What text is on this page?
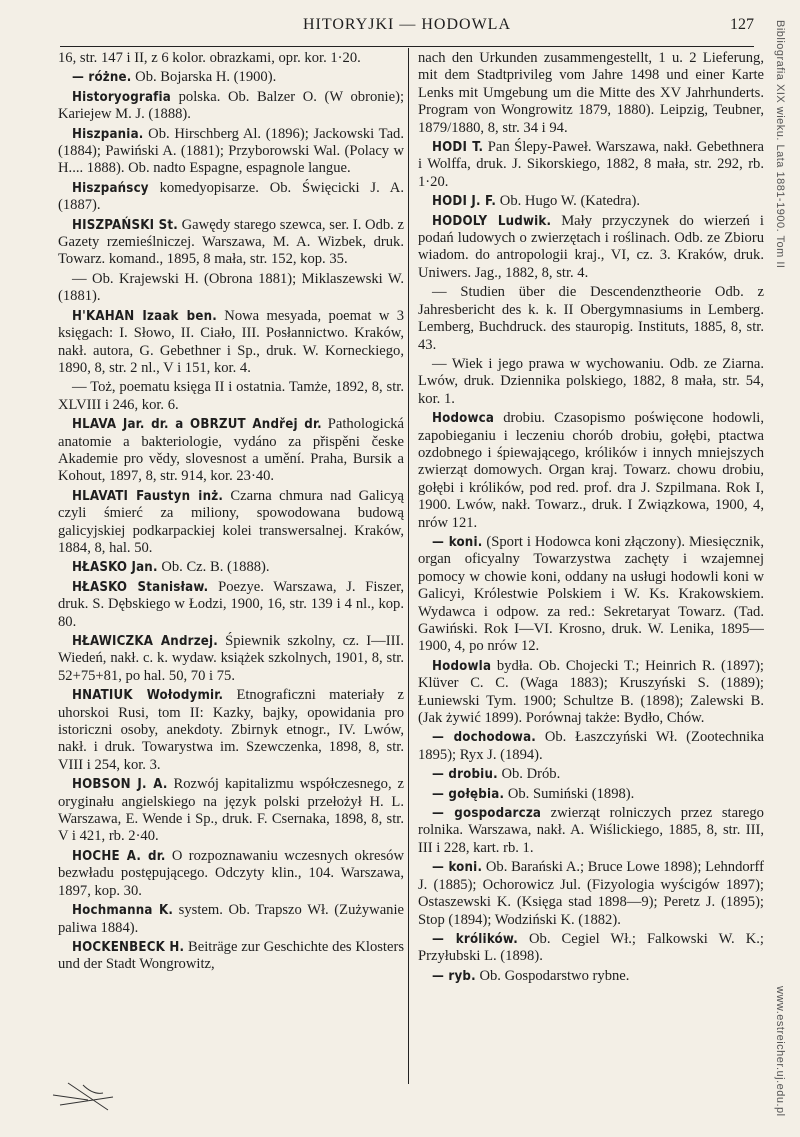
HITORYJKI — HODOWLA	127

16, str. 147 i II, z 6 kolor. obrazkami, opr. kor. 1·20.

— różne. Ob. Bojarska H. (1900).

Historyografia polska. Ob. Balzer O. (W obronie); Kariejew M. J. (1888).

Hiszpania. Ob. Hirschberg Al. (1896); Jackowski Tad. (1884); Pawiński A. (1881); Przyborowski Wal. (Polacy w H.... 1888). Ob. nadto Espagne, espagnole langue.

Hiszpańscy komedyopisarze. Ob. Święcicki J. A. (1887).

HISZPAŃSKI St. Gawędy starego szewca, ser. I. Odb. z Gazety rzemieślniczej. Warszawa, M. A. Wizbek, druk. Towarz. komand., 1895, 8 mała, str. 152, kop. 35.

— Ob. Krajewski H. (Obrona 1881); Miklaszewski W. (1881).

H'KAHAN Izaak ben. Nowa mesyada, poemat w 3 księgach: I. Słowo, II. Ciało, III. Posłannictwo. Kraków, nakł. autora, G. Gebethner i Sp., druk. W. Korneckiego, 1890, 8, str. 2 nl., V i 151, kor. 4.

— Toż, poematu księga II i ostatnia. Tamże, 1892, 8, str. XLVIII i 246, kor. 6.

HLAVA Jar. dr. a OBRZUT Andřej dr. Pathologická anatomie a bakteriologie, vydáno za přispěni česke Akademie pro vědy, slovesnost a umění. Praha, Bursik a Kohout, 1897, 8, str. 914, kor. 23·40.

HLAVATI Faustyn inż. Czarna chmura nad Galicyą czyli śmierć za miliony, spowodowana budową galicyjskiej podkarpackiej kolei transwersalnej. Kraków, 1884, 8, hal. 50.

HŁASKO Jan. Ob. Cz. B. (1888).

HŁASKO Stanisław. Poezye. Warszawa, J. Fiszer, druk. S. Dębskiego w Łodzi, 1900, 16, str. 139 i 4 nl., kop. 80.

HŁAWICZKA Andrzej. Śpiewnik szkolny, cz. I—III. Wiedeń, nakł. c. k. wydaw. książek szkolnych, 1901, 8, str. 52+75+81, po hal. 50, 70 i 75.

HNATIUK Wołodymir. Etnograficzni materiały z uhorskoi Rusi, tom II: Kazky, bajky, opowidania pro istoriczni osoby, anekdoty. Zbirnyk etnogr., IV. Lwów, nakł. i druk. Towarystwa im. Szewczenka, 1898, 8, str. VIII i 254, kor. 3.

HOBSON J. A. Rozwój kapitalizmu współczesnego, z oryginału angielskiego na język polski przełożył H. L. Warszawa, E. Wende i Sp., druk. F. Csernaka, 1898, 8, str. V i 421, rb. 2·40.

HOCHE A. dr. O rozpoznawaniu wczesnych okresów bezwładu postępującego. Odczyty klin., 104. Warszawa, 1897, kop. 30.

Hochmanna K. system. Ob. Trapszo Wł. (Zużywanie paliwa 1884).

HOCKENBECK H. Beiträge zur Geschichte des Klosters und der Stadt Wongrowitz,

nach den Urkunden zusammengestellt, 1 u. 2 Lieferung, mit dem Stadtprivileg vom Jahre 1498 und einer Karte Lenks mit Umgebung um die Mitte des XV Jahrhunderts. Program von Wongrowitz 1879, 1880). Leipzig, Teubner, 1879/1880, 8, str. 34 i 94.

HODI T. Pan Ślepy-Paweł. Warszawa, nakł. Gebethnera i Wolffa, druk. J. Sikorskiego, 1882, 8 mała, str. 292, rb. 1·20.

HODI J. F. Ob. Hugo W. (Katedra).

HODOLY Ludwik. Mały przyczynek do wierzeń i podań ludowych o zwierzętach i roślinach. Odb. ze Zbioru wiadom. do antropologii kraj., VI, cz. 3. Kraków, druk. Uniwers. Jag., 1882, 8, str. 4.

— Studien über die Descendenztheorie Odb. z Jahresbericht des k. k. II Obergymnasiums in Lemberg. Lemberg, Buchdruck. des stauropig. Instituts, 1885, 8, str. 43.

— Wiek i jego prawa w wychowaniu. Odb. ze Ziarna. Lwów, druk. Dziennika polskiego, 1882, 8 mała, str. 54, kor. 1.

Hodowca drobiu. Czasopismo poświęcone hodowli, zapobieganiu i leczeniu chorób drobiu, gołębi, ptactwa ozdobnego i śpiewającego, królików i innych mniejszych zwierząt domowych. Organ kraj. Towarz. chowu drobiu, gołębi i królików, pod red. prof. dra J. Szpilmana. Rok I, 1900. Lwów, nakł. Towarz., druk. I Związkowa, 1900, 4, nrów 121.

— koni. (Sport i Hodowca koni złączony). Miesięcznik, organ oficyalny Towarzystwa zachęty i wzajemnej pomocy w chowie koni, oddany na usługi hodowli koni w Galicyi, Królestwie Polskiem i W. Ks. Krakowskiem. Wydawca i odpow. za red.: Sekretaryat Towarz. (Tad. Gawiński. Rok I—VI. Krosno, druk. W. Lenika, 1895—1900, 4, po nrów 12.

Hodowla bydła. Ob. Chojecki T.; Heinrich R. (1897); Klüver C. C. (Waga 1883); Kruszyński S. (1889); Łuniewski Tym. 1900; Schultze B. (1898); Zalewski B. (Jak żywić 1899). Porównaj także: Bydło, Chów.

— dochodowa. Ob. Łaszczyński Wł. (Zootechnika 1895); Ryx J. (1894).

— drobiu. Ob. Drób.

— gołębia. Ob. Sumiński (1898).

— gospodarcza zwierząt rolniczych przez starego rolnika. Warszawa, nakł. A. Wiślickiego, 1885, 8, str. III, III i 228, kart. rb. 1.

— koni. Ob. Barański A.; Bruce Lowe 1898); Lehndorff J. (1885); Ochorowicz Jul. (Fizyologia wyścigów 1897); Ostaszewski K. (Księga stad 1898—9); Peretz J. (1895); Stop (1894); Wodziński K. (1882).

— królików. Ob. Cegiel Wł.; Falkowski W. K.; Przyłubski L. (1898).

— ryb. Ob. Gospodarstwo rybne.

Bibliografia XIX wieku. Lata 1881-1900. Tom II
www.estreicher.uj.edu.pl
